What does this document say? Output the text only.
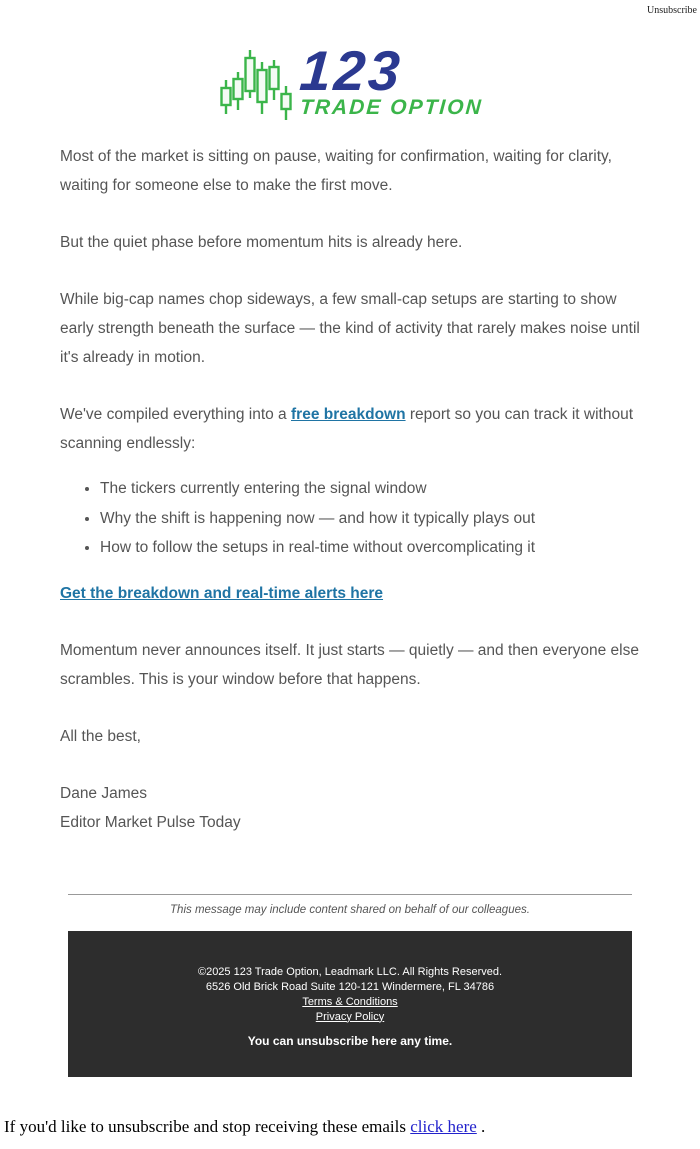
Unsubscribe
123
TRADE OPTION

Most of the market is sitting on pause, waiting for confirmation, waiting for clarity, waiting for someone else to make the first move.

But the quiet phase before momentum hits is already here.

While big-cap names chop sideways, a few small-cap setups are starting to show early strength beneath the surface — the kind of activity that rarely makes noise until it's already in motion.

We've compiled everything into a free breakdown report so you can track it without scanning endlessly:

• The tickers currently entering the signal window
• Why the shift is happening now — and how it typically plays out
• How to follow the setups in real-time without overcomplicating it

Get the breakdown and real-time alerts here

Momentum never announces itself. It just starts — quietly — and then everyone else scrambles. This is your window before that happens.

All the best,

Dane James
Editor Market Pulse Today

This message may include content shared on behalf of our colleagues.
©2025 123 Trade Option, Leadmark LLC. All Rights Reserved.
6526 Old Brick Road Suite 120-121 Windermere, FL 34786
Terms & Conditions
Privacy Policy
You can unsubscribe here any time.
If you'd like to unsubscribe and stop receiving these emails click here .
